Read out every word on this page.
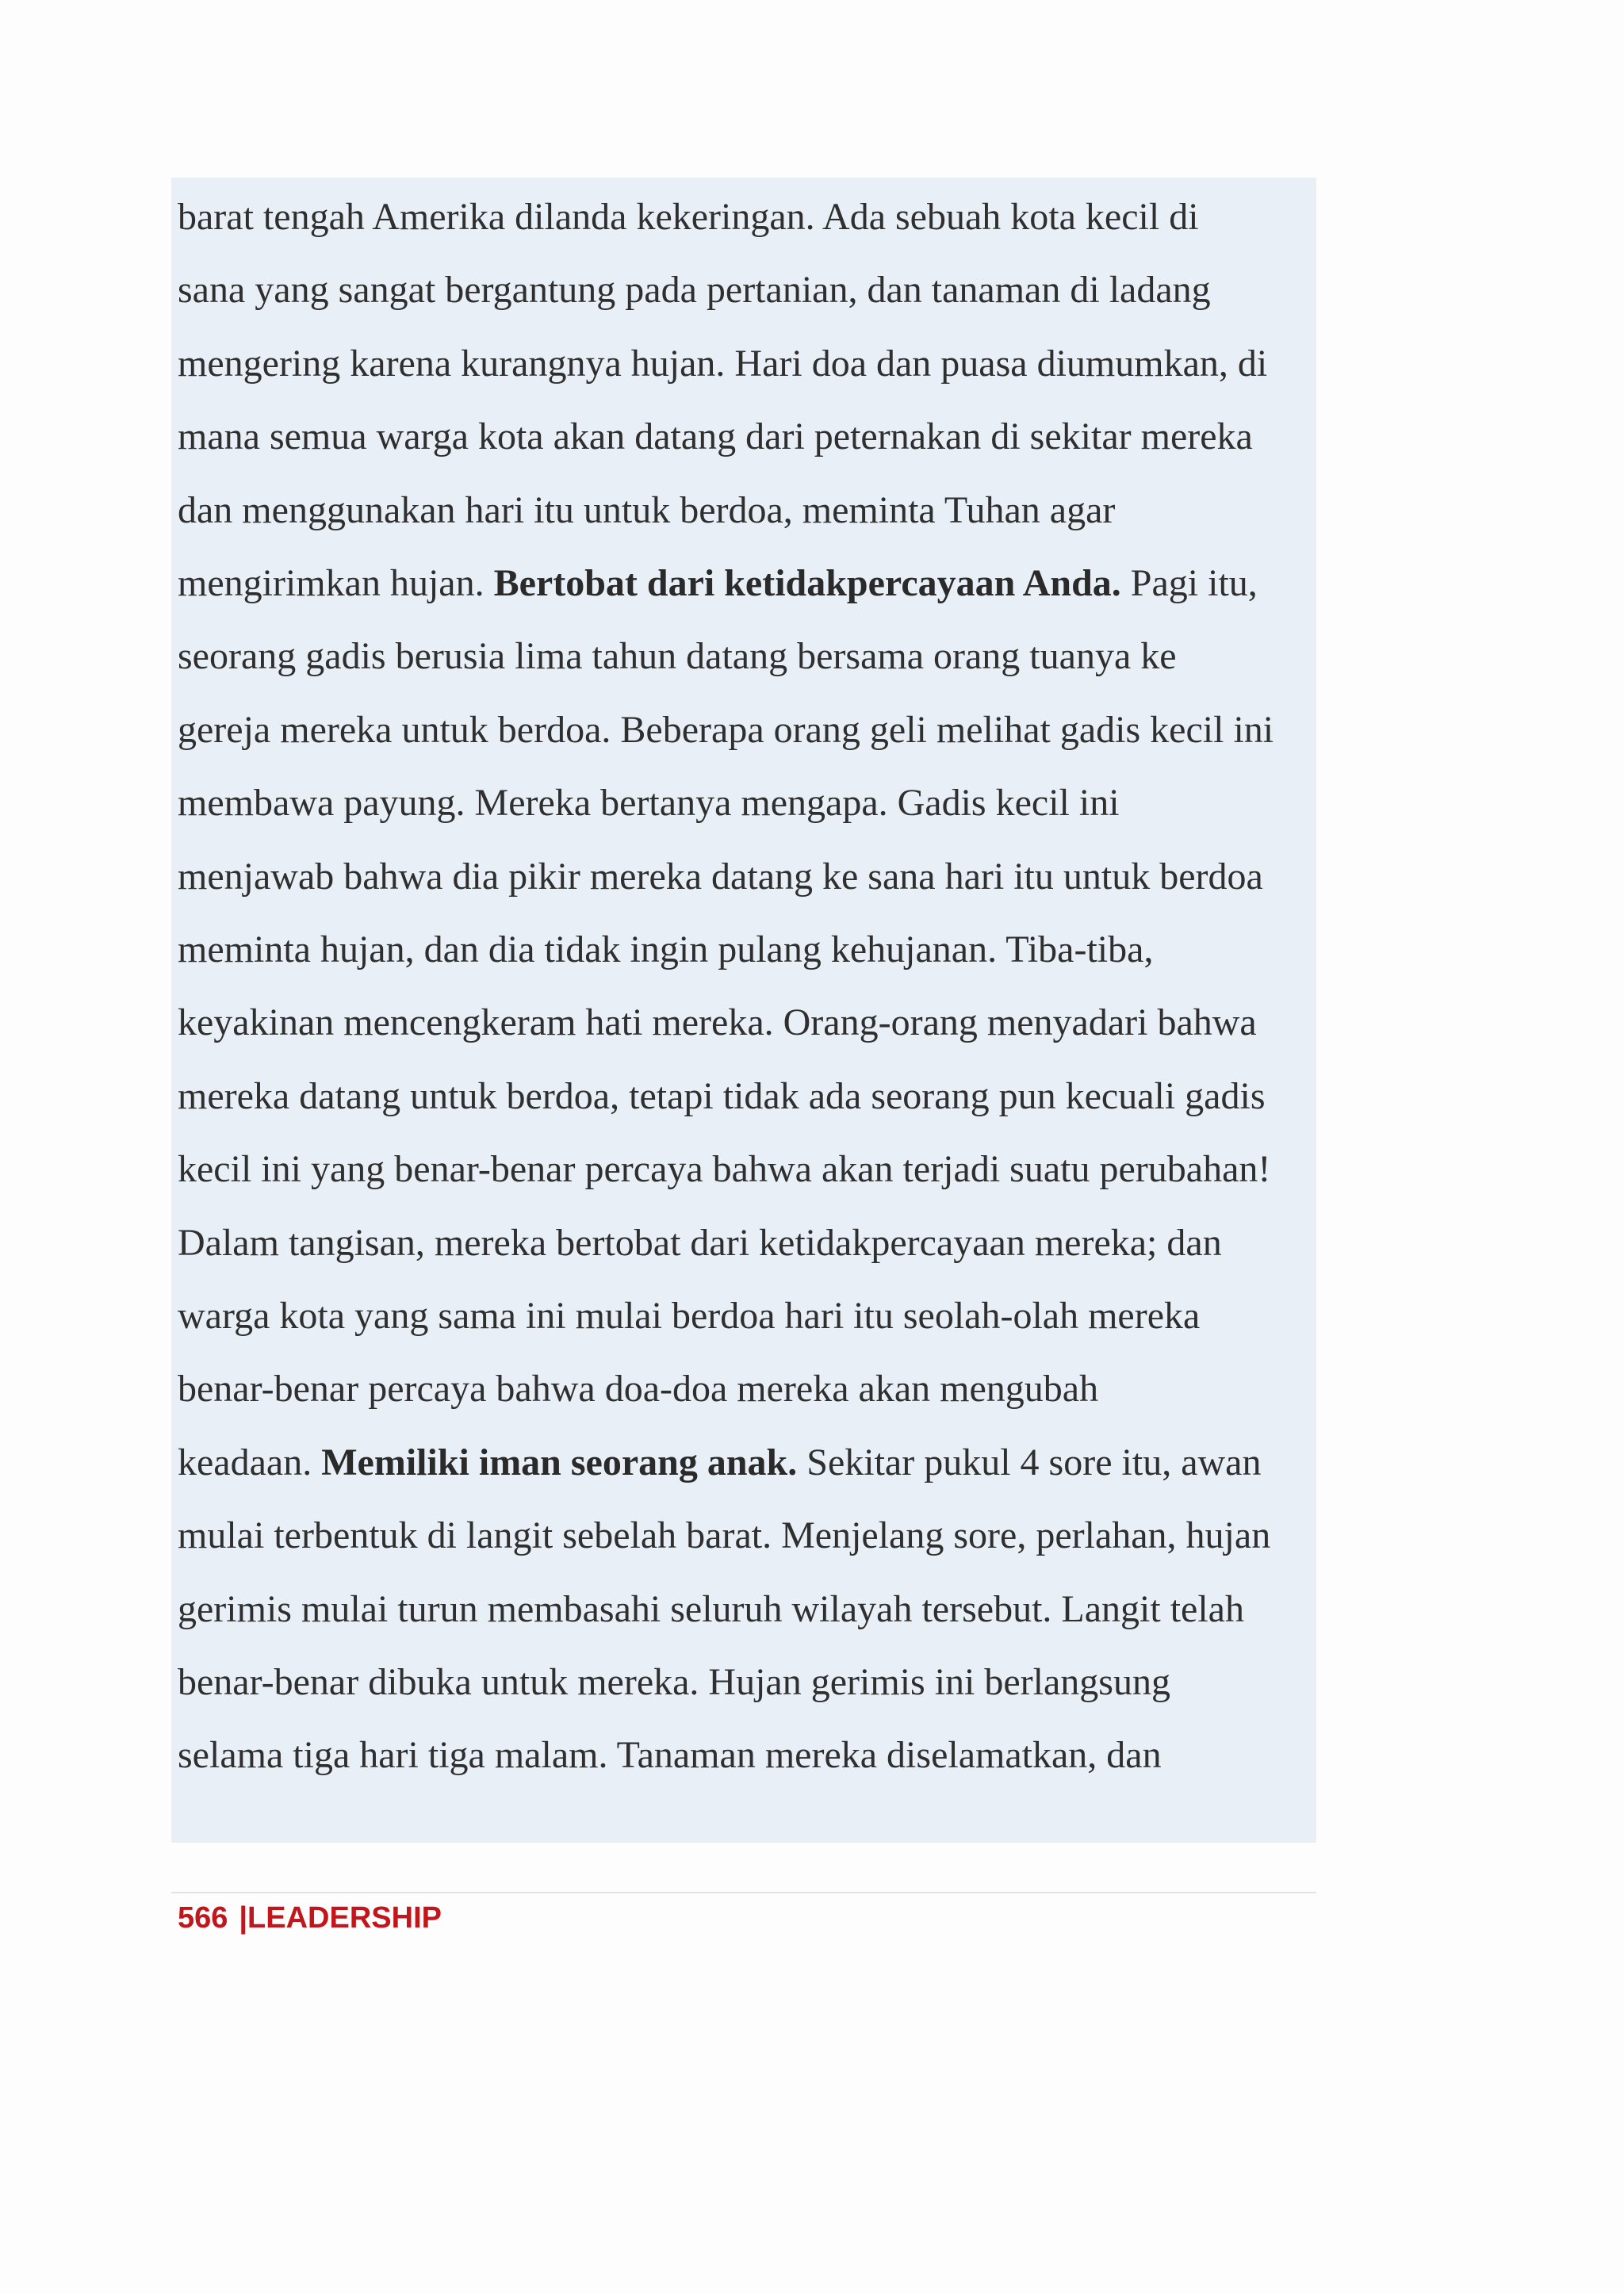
barat tengah Amerika dilanda kekeringan. Ada sebuah kota kecil di
sana yang sangat bergantung pada pertanian, dan tanaman di ladang
mengering karena kurangnya hujan. Hari doa dan puasa diumumkan, di
mana semua warga kota akan datang dari peternakan di sekitar mereka
dan menggunakan hari itu untuk berdoa, meminta Tuhan agar
mengirimkan hujan. Bertobat dari ketidakpercayaan Anda. Pagi itu,
seorang gadis berusia lima tahun datang bersama orang tuanya ke
gereja mereka untuk berdoa. Beberapa orang geli melihat gadis kecil ini
membawa payung. Mereka bertanya mengapa. Gadis kecil ini
menjawab bahwa dia pikir mereka datang ke sana hari itu untuk berdoa
meminta hujan, dan dia tidak ingin pulang kehujanan. Tiba-tiba,
keyakinan mencengkeram hati mereka. Orang-orang menyadari bahwa
mereka datang untuk berdoa, tetapi tidak ada seorang pun kecuali gadis
kecil ini yang benar-benar percaya bahwa akan terjadi suatu perubahan!
Dalam tangisan, mereka bertobat dari ketidakpercayaan mereka; dan
warga kota yang sama ini mulai berdoa hari itu seolah-olah mereka
benar-benar percaya bahwa doa-doa mereka akan mengubah
keadaan. Memiliki iman seorang anak. Sekitar pukul 4 sore itu, awan
mulai terbentuk di langit sebelah barat. Menjelang sore, perlahan, hujan
gerimis mulai turun membasahi seluruh wilayah tersebut. Langit telah
benar-benar dibuka untuk mereka. Hujan gerimis ini berlangsung
selama tiga hari tiga malam. Tanaman mereka diselamatkan, dan
566 |LEADERSHIP
